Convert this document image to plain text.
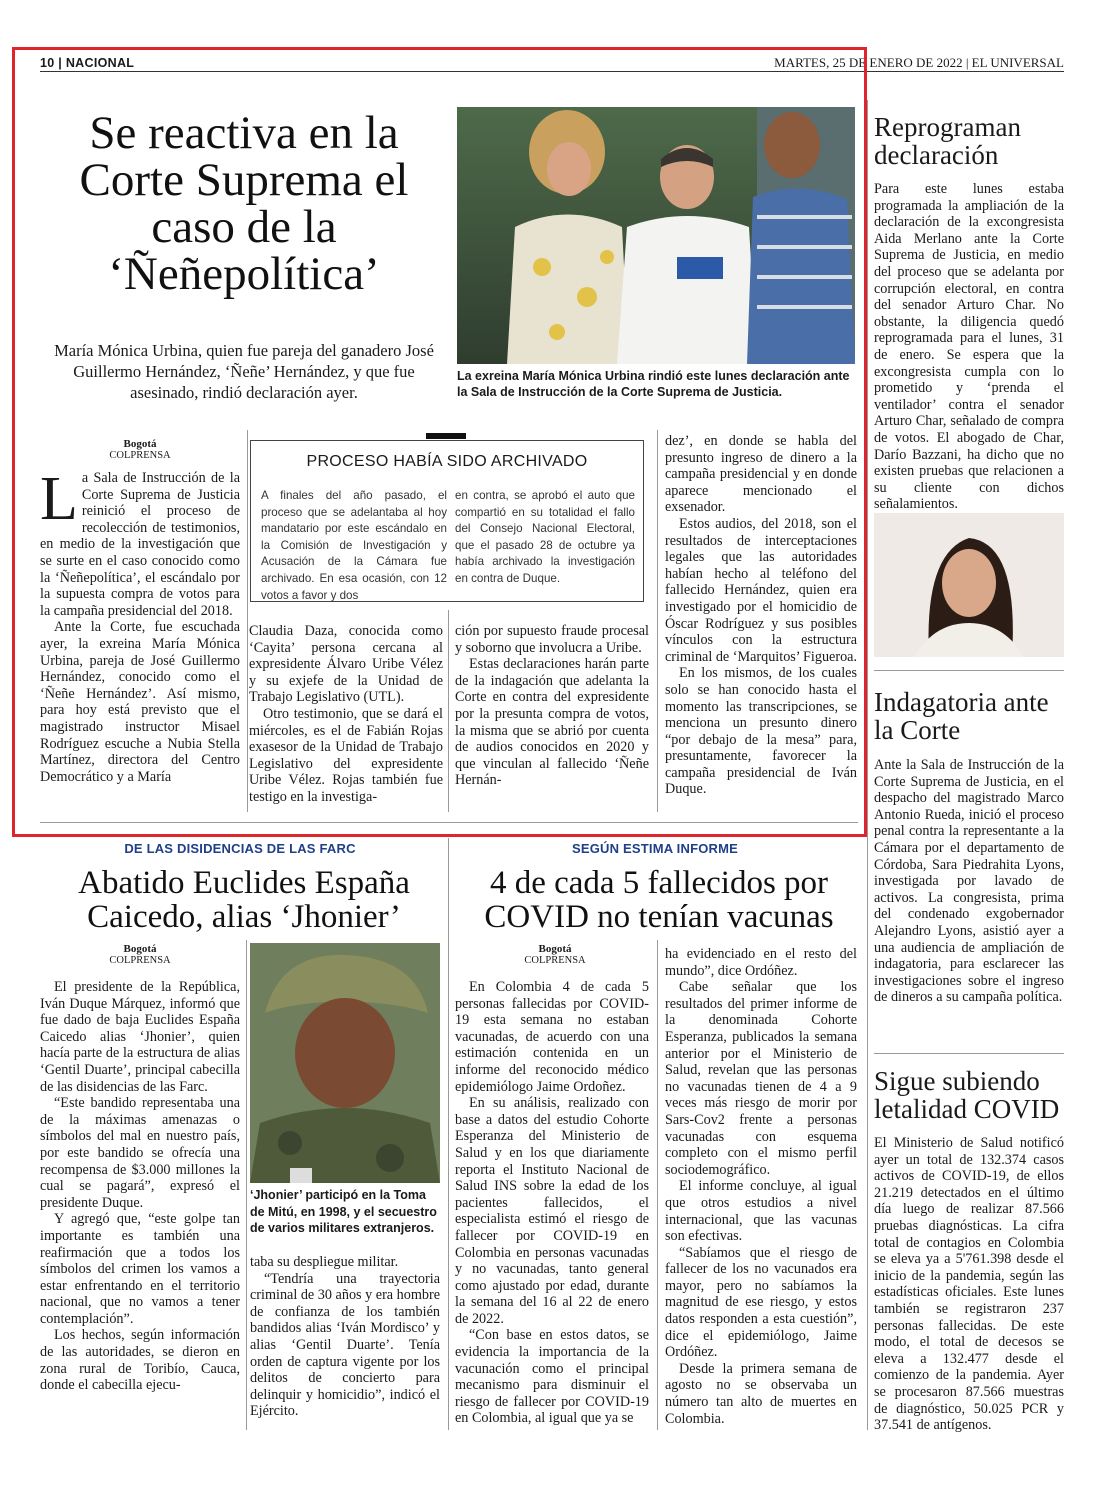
10 | NACIONAL	MARTES, 25 DE ENERO DE 2022 | EL UNIVERSAL
Se reactiva en la Corte Suprema el caso de la ‘Ñeñepolítica’
María Mónica Urbina, quien fue pareja del ganadero José Guillermo Hernández, ‘Ñeñe’ Hernández, y que fue asesinado, rindió declaración ayer.
La exreina María Mónica Urbina rindió este lunes declaración ante la Sala de Instrucción de la Corte Suprema de Justicia.
Bogotá
COLPRENSA

La Sala de Instrucción de la Corte Suprema de Justicia reinició el proceso de recolección de testimonios, en medio de la investigación que se surte en el caso conocido como la ‘Ñeñepolítica’, el escándalo por la supuesta compra de votos para la campaña presidencial del 2018.

Ante la Corte, fue escuchada ayer, la exreina María Mónica Urbina, pareja de José Guillermo Hernández, conocido como el ‘Ñeñe Hernández’. Así mismo, para hoy está previsto que el magistrado instructor Misael Rodríguez escuche a Nubia Stella Martínez, directora del Centro Democrático y a María

PROCESO HABÍA SIDO ARCHIVADO
A finales del año pasado, el proceso que se adelantaba al hoy mandatario por este escándalo en la Comisión de Investigación y Acusación de la Cámara fue archivado. En esa ocasión, con 12 votos a favor y dos
en contra, se aprobó el auto que compartió en su totalidad el fallo del Consejo Nacional Electoral, que el pasado 28 de octubre ya había archivado la investigación en contra de Duque.

Claudia Daza, conocida como ‘Cayita’ persona cercana al expresidente Álvaro Uribe Vélez y su exjefe de la Unidad de Trabajo Legislativo (UTL).

Otro testimonio, que se dará el miércoles, es el de Fabián Rojas exasesor de la Unidad de Trabajo Legislativo del expresidente Uribe Vélez. Rojas también fue testigo en la investiga-

ción por supuesto fraude procesal y soborno que involucra a Uribe.

Estas declaraciones harán parte de la indagación que adelanta la Corte en contra del expresidente por la presunta compra de votos, la misma que se abrió por cuenta de audios conocidos en 2020 y que vinculan al fallecido ‘Ñeñe Hernán-

dez’, en donde se habla del presunto ingreso de dinero a la campaña presidencial y en donde aparece mencionado el exsenador.

Estos audios, del 2018, son el resultados de interceptaciones legales que las autoridades habían hecho al teléfono del fallecido Hernández, quien era investigado por el homicidio de Óscar Rodríguez y sus posibles vínculos con la estructura criminal de ‘Marquitos’ Figueroa.

En los mismos, de los cuales solo se han conocido hasta el momento las transcripciones, se menciona un presunto dinero “por debajo de la mesa” para, presuntamente, favorecer la campaña presidencial de Iván Duque.

Reprograman declaración

Para este lunes estaba programada la ampliación de la declaración de la excongresista Aida Merlano ante la Corte Suprema de Justicia, en medio del proceso que se adelanta por corrupción electoral, en contra del senador Arturo Char. No obstante, la diligencia quedó reprogramada para el lunes, 31 de enero. Se espera que la excongresista cumpla con lo prometido y ‘prenda el ventilador’ contra el senador Arturo Char, señalado de compra de votos. El abogado de Char, Darío Bazzani, ha dicho que no existen pruebas que relacionen a su cliente con dichos señalamientos.

Indagatoria ante la Corte

Ante la Sala de Instrucción de la Corte Suprema de Justicia, en el despacho del magistrado Marco Antonio Rueda, inició el proceso penal contra la representante a la Cámara por el departamento de Córdoba, Sara Piedrahita Lyons, investigada por lavado de activos. La congresista, prima del condenado exgobernador Alejandro Lyons, asistió ayer a una audiencia de ampliación de indagatoria, para esclarecer las investigaciones sobre el ingreso de dineros a su campaña política.

Sigue subiendo letalidad COVID

El Ministerio de Salud notificó ayer un total de 132.374 casos activos de COVID-19, de ellos 21.219 detectados en el último día luego de realizar 87.566 pruebas diagnósticas. La cifra total de contagios en Colombia se eleva ya a 5'761.398 desde el inicio de la pandemia, según las estadísticas oficiales. Este lunes también se registraron 237 personas fallecidas. De este modo, el total de decesos se eleva a 132.477 desde el comienzo de la pandemia. Ayer se procesaron 87.566 muestras de diagnóstico, 50.025 PCR y 37.541 de antígenos.

DE LAS DISIDENCIAS DE LAS FARC
Abatido Euclides España Caicedo, alias ‘Jhonier’
Bogotá
COLPRENSA

El presidente de la República, Iván Duque Márquez, informó que fue dado de baja Euclides España Caicedo alias ‘Jhonier’, quien hacía parte de la estructura de alias ‘Gentil Duarte’, principal cabecilla de las disidencias de las Farc.

“Este bandido representaba una de la máximas amenazas o símbolos del mal en nuestro país, por este bandido se ofrecía una recompensa de $3.000 millones la cual se pagará”, expresó el presidente Duque.

Y agregó que, “este golpe tan importante es también una reafirmación que a todos los símbolos del crimen los vamos a estar enfrentando en el territorio nacional, que no vamos a tener contemplación”.

Los hechos, según información de las autoridades, se dieron en zona rural de Toribío, Cauca, donde el cabecilla ejecu-

‘Jhonier’ participó en la Toma de Mitú, en 1998, y el secuestro de varios militares extranjeros.

taba su despliegue militar.

“Tendría una trayectoria criminal de 30 años y era hombre de confianza de los también bandidos alias ‘Iván Mordisco’ y alias ‘Gentil Duarte’. Tenía orden de captura vigente por los delitos de concierto para delinquir y homicidio”, indicó el Ejército.

SEGÚN ESTIMA INFORME
4 de cada 5 fallecidos por COVID no tenían vacunas
Bogotá
COLPRENSA

En Colombia 4 de cada 5 personas fallecidas por COVID-19 esta semana no estaban vacunadas, de acuerdo con una estimación contenida en un informe del reconocido médico epidemiólogo Jaime Ordoñez.

En su análisis, realizado con base a datos del estudio Cohorte Esperanza del Ministerio de Salud y en los que diariamente reporta el Instituto Nacional de Salud INS sobre la edad de los pacientes fallecidos, el especialista estimó el riesgo de fallecer por COVID-19 en Colombia en personas vacunadas y no vacunadas, tanto general como ajustado por edad, durante la semana del 16 al 22 de enero de 2022.

“Con base en estos datos, se evidencia la importancia de la vacunación como el principal mecanismo para disminuir el riesgo de fallecer por COVID-19 en Colombia, al igual que ya se

ha evidenciado en el resto del mundo”, dice Ordóñez.

Cabe señalar que los resultados del primer informe de la denominada Cohorte Esperanza, publicados la semana anterior por el Ministerio de Salud, revelan que las personas no vacunadas tienen de 4 a 9 veces más riesgo de morir por Sars-Cov2 frente a personas vacunadas con esquema completo con el mismo perfil sociodemográfico.

El informe concluye, al igual que otros estudios a nivel internacional, que las vacunas son efectivas.

“Sabíamos que el riesgo de fallecer de los no vacunados era mayor, pero no sabíamos la magnitud de ese riesgo, y estos datos responden a esta cuestión”, dice el epidemiólogo, Jaime Ordóñez.

Desde la primera semana de agosto no se observaba un número tan alto de muertes en Colombia.
